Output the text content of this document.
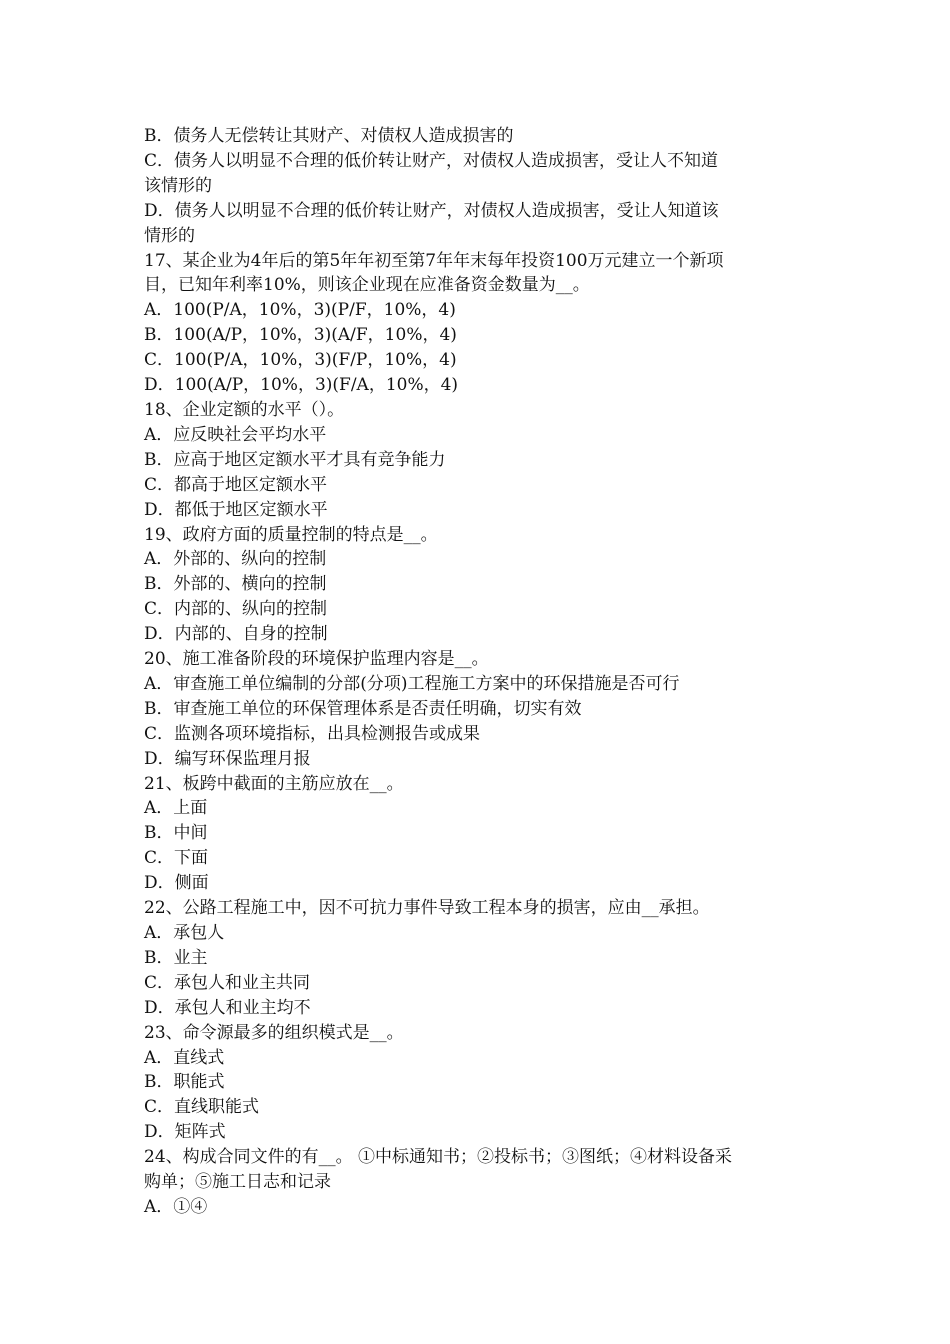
B．债务人无偿转让其财产、对债权人造成损害的
C．债务人以明显不合理的低价转让财产，对债权人造成损害，受让人不知道
该情形的
D．债务人以明显不合理的低价转让财产，对债权人造成损害，受让人知道该
情形的
17、某企业为4年后的第5年年初至第7年年末每年投资100万元建立一个新项
目，已知年利率10%，则该企业现在应准备资金数量为__。
A．100(P/A，10%，3)(P/F，10%，4)
B．100(A/P，10%，3)(A/F，10%，4)
C．100(P/A，10%，3)(F/P，10%，4)
D．100(A/P，10%，3)(F/A，10%，4)
18、企业定额的水平（）。
A．应反映社会平均水平
B．应高于地区定额水平才具有竞争能力
C．都高于地区定额水平
D．都低于地区定额水平
19、政府方面的质量控制的特点是__。
A．外部的、纵向的控制
B．外部的、横向的控制
C．内部的、纵向的控制
D．内部的、自身的控制
20、施工准备阶段的环境保护监理内容是__。
A．审查施工单位编制的分部(分项)工程施工方案中的环保措施是否可行
B．审查施工单位的环保管理体系是否责任明确，切实有效
C．监测各项环境指标，出具检测报告或成果
D．编写环保监理月报
21、板跨中截面的主筋应放在__。
A．上面
B．中间
C．下面
D．侧面
22、公路工程施工中，因不可抗力事件导致工程本身的损害，应由__承担。
A．承包人
B．业主
C．承包人和业主共同
D．承包人和业主均不
23、命令源最多的组织模式是__。
A．直线式
B．职能式
C．直线职能式
D．矩阵式
24、构成合同文件的有__。 ①中标通知书；②投标书；③图纸；④材料设备采
购单；⑤施工日志和记录
A．①④
